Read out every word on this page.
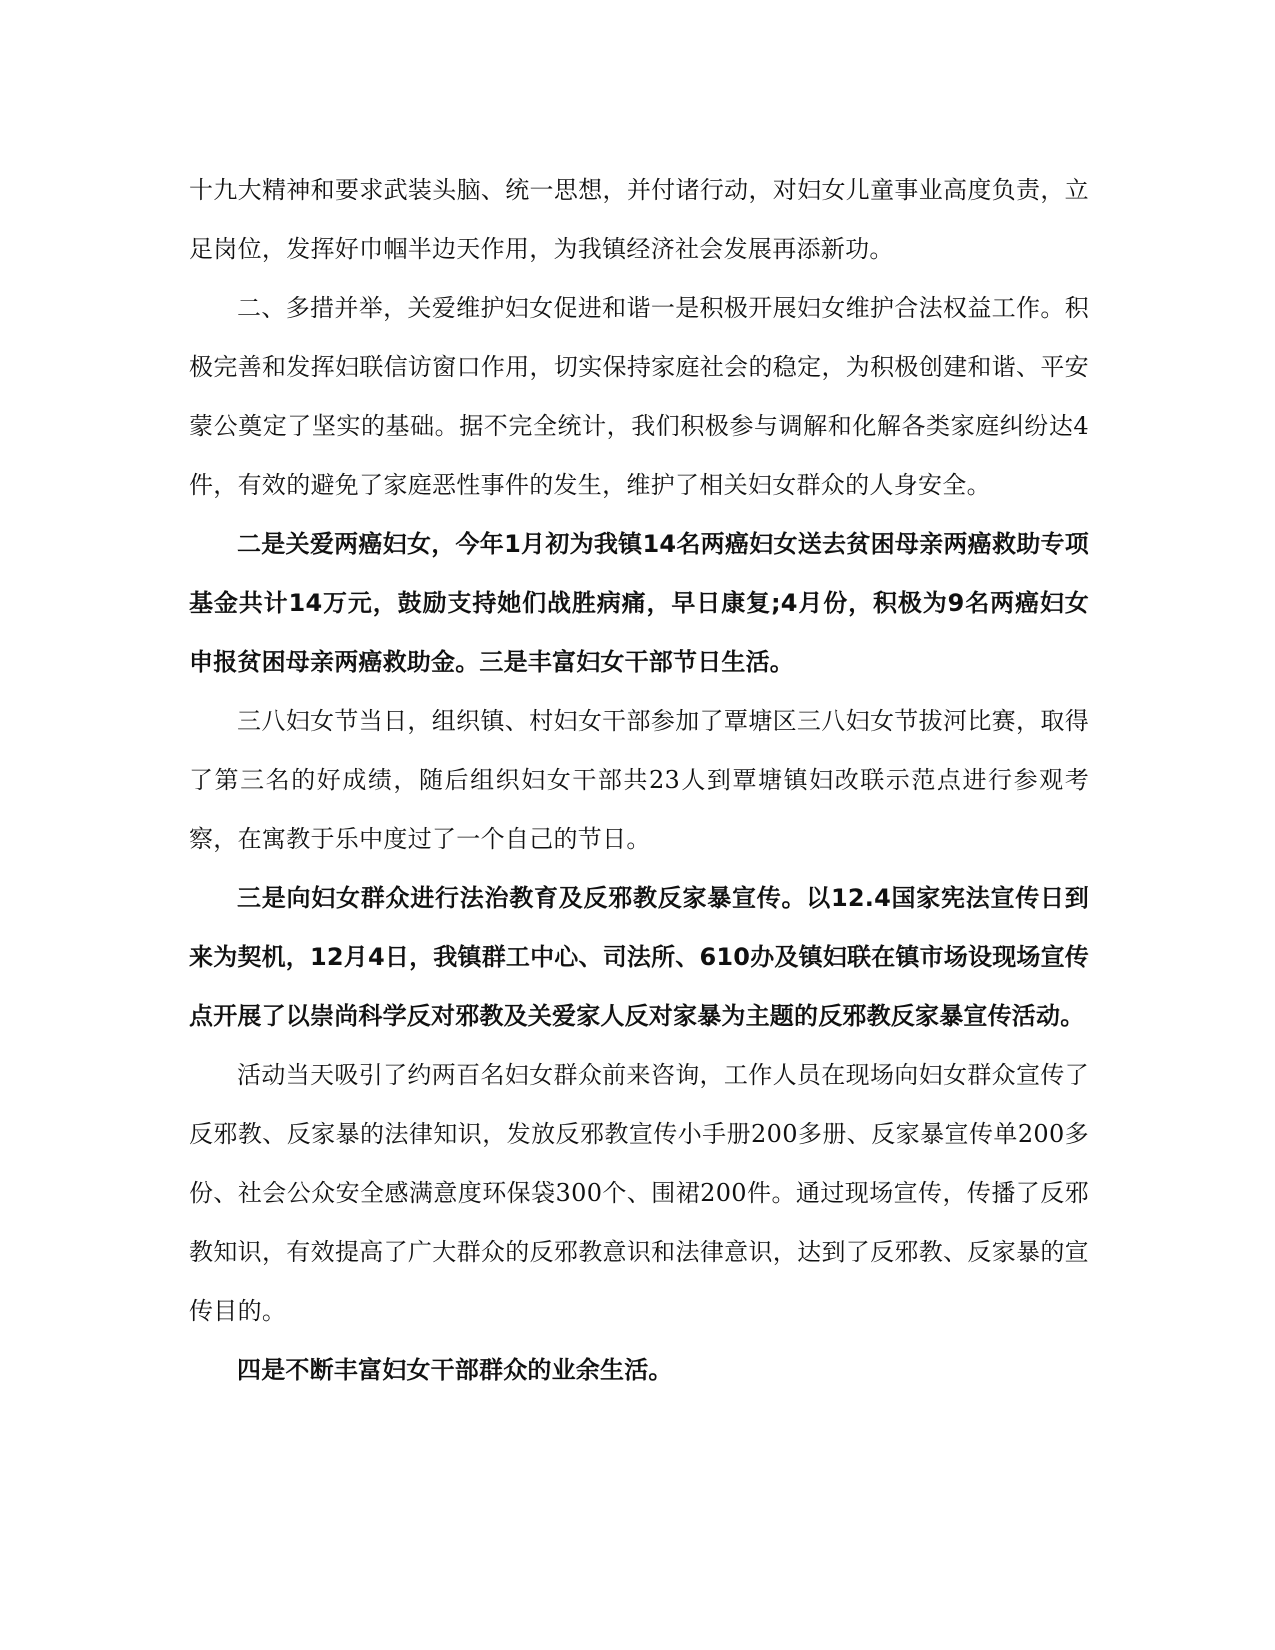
十九大精神和要求武装头脑、统一思想，并付诸行动，对妇女儿童事业高度负责，立足岗位，发挥好巾帼半边天作用，为我镇经济社会发展再添新功。

二、多措并举，关爱维护妇女促进和谐一是积极开展妇女维护合法权益工作。积极完善和发挥妇联信访窗口作用，切实保持家庭社会的稳定，为积极创建和谐、平安蒙公奠定了坚实的基础。据不完全统计，我们积极参与调解和化解各类家庭纠纷达4件，有效的避免了家庭恶性事件的发生，维护了相关妇女群众的人身安全。

二是关爱两癌妇女，今年1月初为我镇14名两癌妇女送去贫困母亲两癌救助专项基金共计14万元，鼓励支持她们战胜病痛，早日康复;4月份，积极为9名两癌妇女申报贫困母亲两癌救助金。三是丰富妇女干部节日生活。

三八妇女节当日，组织镇、村妇女干部参加了覃塘区三八妇女节拔河比赛，取得了第三名的好成绩，随后组织妇女干部共23人到覃塘镇妇改联示范点进行参观考察，在寓教于乐中度过了一个自己的节日。

三是向妇女群众进行法治教育及反邪教反家暴宣传。以12.4国家宪法宣传日到来为契机，12月4日，我镇群工中心、司法所、610办及镇妇联在镇市场设现场宣传点开展了以崇尚科学反对邪教及关爱家人反对家暴为主题的反邪教反家暴宣传活动。

活动当天吸引了约两百名妇女群众前来咨询，工作人员在现场向妇女群众宣传了反邪教、反家暴的法律知识，发放反邪教宣传小手册200多册、反家暴宣传单200多份、社会公众安全感满意度环保袋300个、围裙200件。通过现场宣传，传播了反邪教知识，有效提高了广大群众的反邪教意识和法律意识，达到了反邪教、反家暴的宣传目的。

四是不断丰富妇女干部群众的业余生活。
